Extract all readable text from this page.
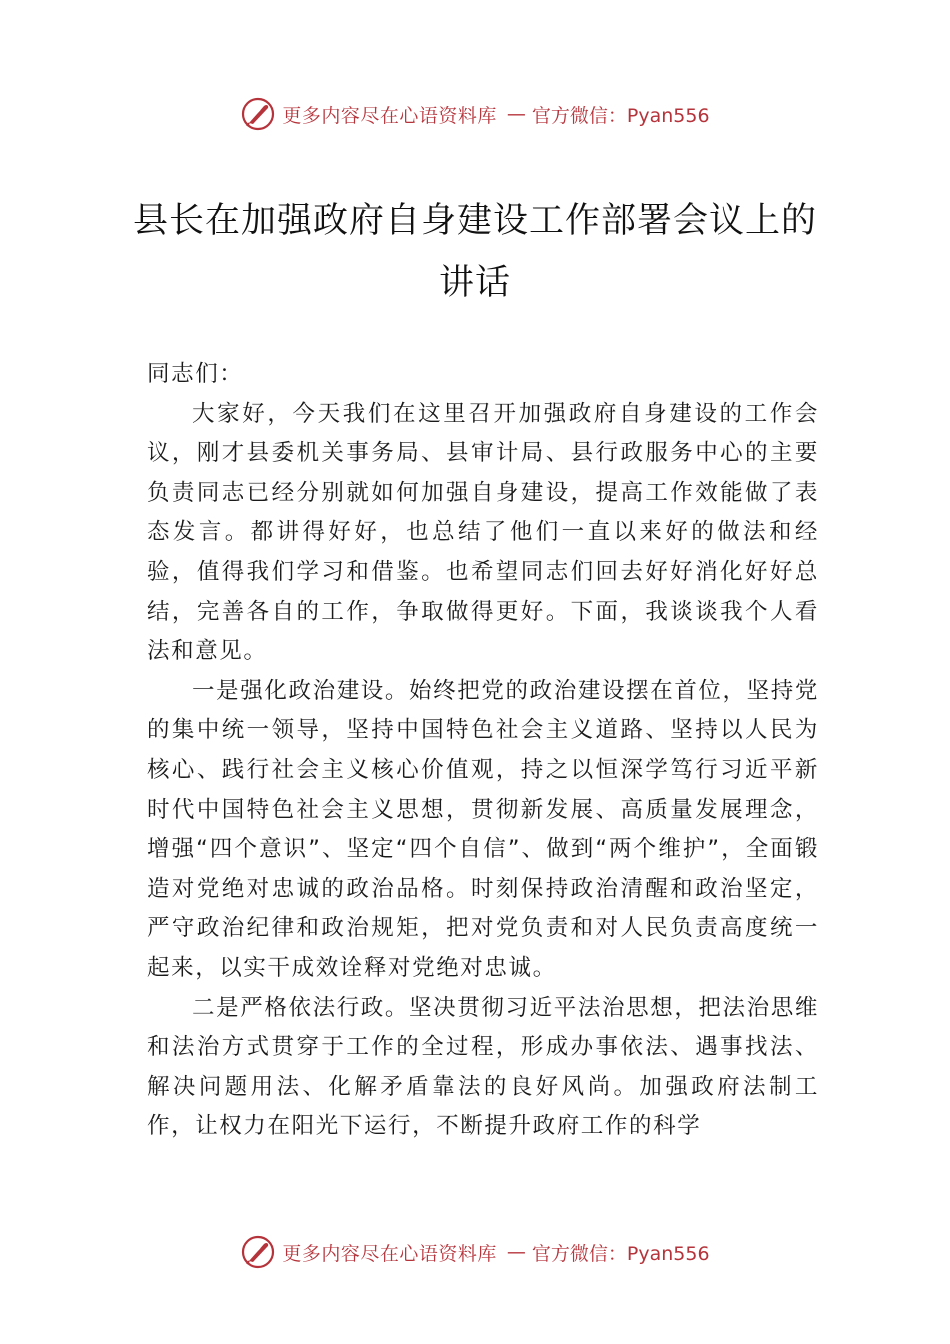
更多内容尽在心语资料库 — 官方微信：Pyan556
县长在加强政府自身建设工作部署会议上的讲话

同志们：

大家好，今天我们在这里召开加强政府自身建设的工作会议，刚才县委机关事务局、县审计局、县行政服务中心的主要负责同志已经分别就如何加强自身建设，提高工作效能做了表态发言。都讲得好好，也总结了他们一直以来好的做法和经验，值得我们学习和借鉴。也希望同志们回去好好消化好好总结，完善各自的工作，争取做得更好。下面，我谈谈我个人看法和意见。

一是强化政治建设。始终把党的政治建设摆在首位，坚持党的集中统一领导，坚持中国特色社会主义道路、坚持以人民为核心、践行社会主义核心价值观，持之以恒深学笃行习近平新时代中国特色社会主义思想，贯彻新发展、高质量发展理念，增强“四个意识”、坚定“四个自信”、做到“两个维护”，全面锻造对党绝对忠诚的政治品格。时刻保持政治清醒和政治坚定，严守政治纪律和政治规矩，把对党负责和对人民负责高度统一起来，以实干成效诠释对党绝对忠诚。

二是严格依法行政。坚决贯彻习近平法治思想，把法治思维和法治方式贯穿于工作的全过程，形成办事依法、遇事找法、解决问题用法、化解矛盾靠法的良好风尚。加强政府法制工作，让权力在阳光下运行，不断提升政府工作的科学

更多内容尽在心语资料库 — 官方微信：Pyan556
